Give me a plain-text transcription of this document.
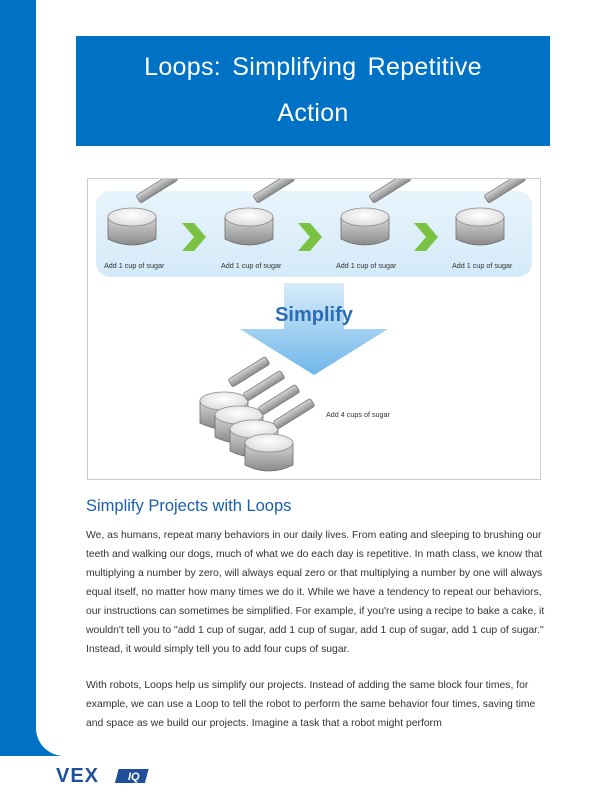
Loops: Simplifying Repetitive
Action
Add 1 cup of sugar	Add 1 cup of sugar	Add 1 cup of sugar	Add 1 cup of sugar
Simplify
Add 4 cups of sugar
Simplify Projects with Loops
We, as humans, repeat many behaviors in our daily lives. From eating and sleeping to brushing our teeth and walking our dogs, much of what we do each day is repetitive. In math class, we know that multiplying a number by zero, will always equal zero or that multiplying a number by one will always equal itself, no matter how many times we do it. While we have a tendency to repeat our behaviors, our instructions can sometimes be simplified. For example, if you're using a recipe to bake a cake, it wouldn't tell you to "add 1 cup of sugar, add 1 cup of sugar, add 1 cup of sugar, add 1 cup of sugar." Instead, it would simply tell you to add four cups of sugar.
With robots, Loops help us simplify our projects. Instead of adding the same block four times, for example, we can use a Loop to tell the robot to perform the same behavior four times, saving time and space as we build our projects. Imagine a task that a robot might perform
VEX	IQ
